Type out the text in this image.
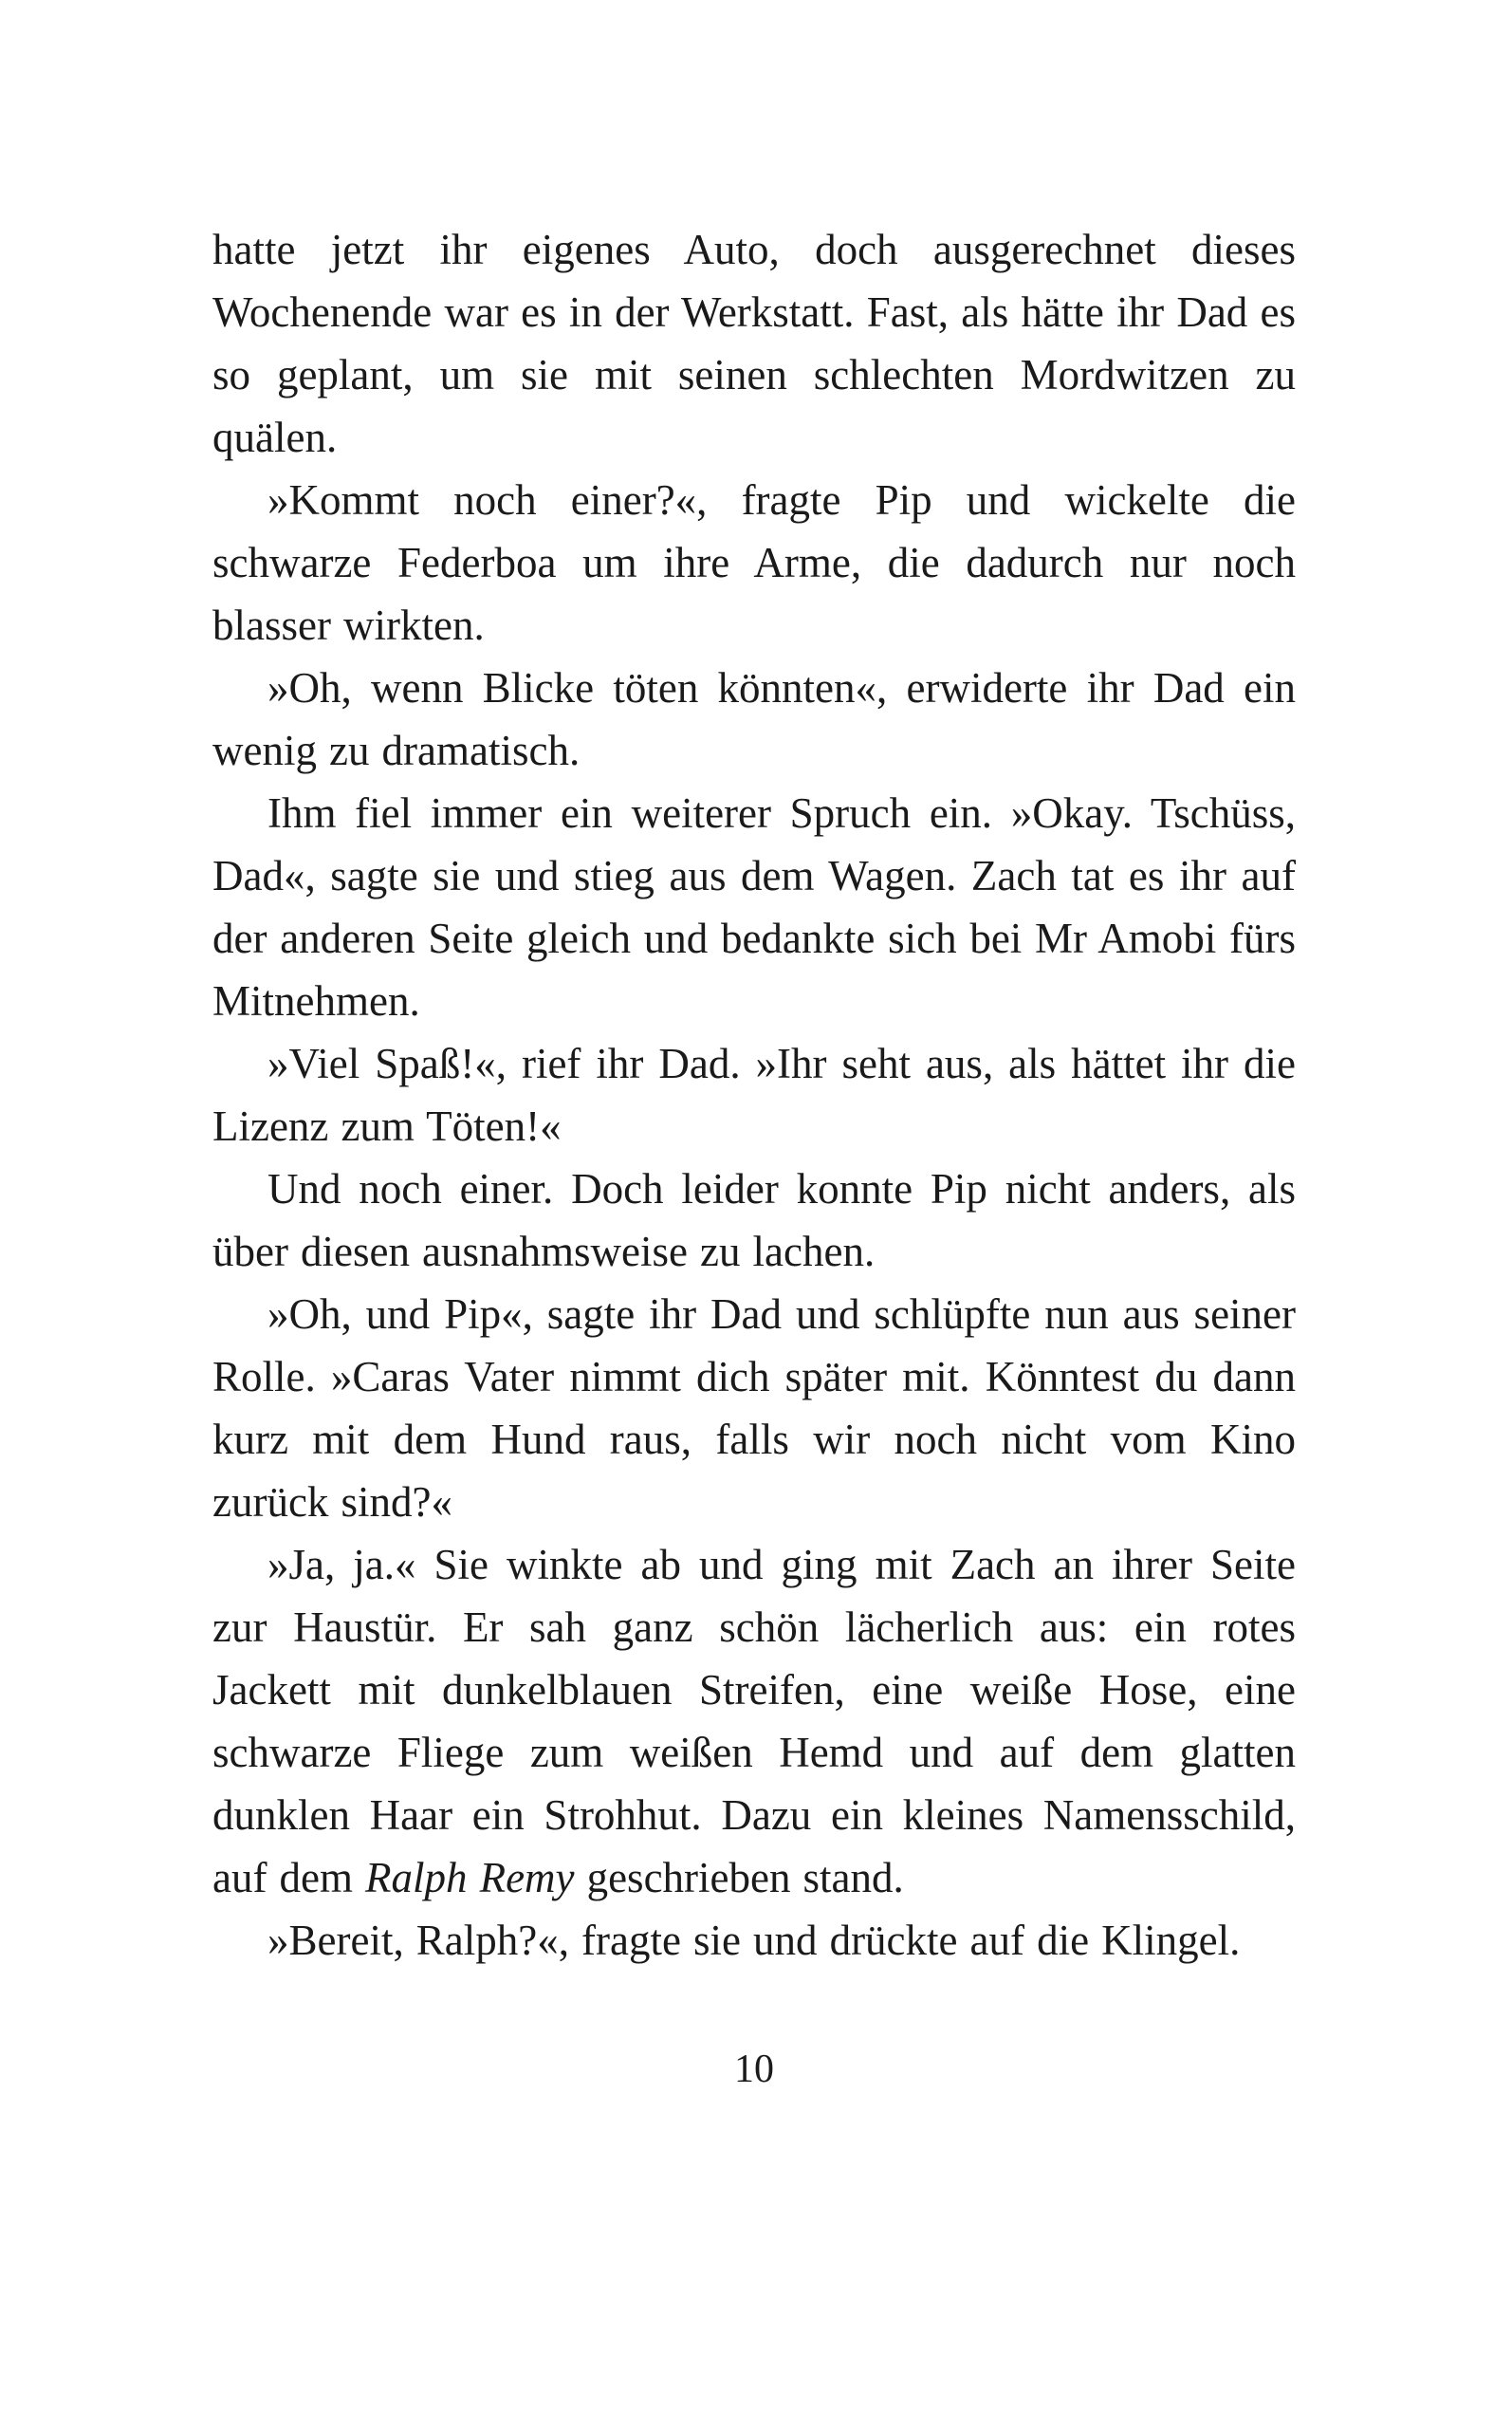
hatte jetzt ihr eigenes Auto, doch ausgerechnet dieses Wochenende war es in der Werkstatt. Fast, als hätte ihr Dad es so geplant, um sie mit seinen schlechten Mordwitzen zu quälen.

»Kommt noch einer?«, fragte Pip und wickelte die schwarze Federboa um ihre Arme, die dadurch nur noch blasser wirkten.

»Oh, wenn Blicke töten könnten«, erwiderte ihr Dad ein wenig zu dramatisch.

Ihm fiel immer ein weiterer Spruch ein. »Okay. Tschüss, Dad«, sagte sie und stieg aus dem Wagen. Zach tat es ihr auf der anderen Seite gleich und bedankte sich bei Mr Amobi fürs Mitnehmen.

»Viel Spaß!«, rief ihr Dad. »Ihr seht aus, als hättet ihr die Lizenz zum Töten!«

Und noch einer. Doch leider konnte Pip nicht anders, als über diesen ausnahmsweise zu lachen.

»Oh, und Pip«, sagte ihr Dad und schlüpfte nun aus seiner Rolle. »Caras Vater nimmt dich später mit. Könntest du dann kurz mit dem Hund raus, falls wir noch nicht vom Kino zurück sind?«

»Ja, ja.« Sie winkte ab und ging mit Zach an ihrer Seite zur Haustür. Er sah ganz schön lächerlich aus: ein rotes Jackett mit dunkelblauen Streifen, eine weiße Hose, eine schwarze Fliege zum weißen Hemd und auf dem glatten dunklen Haar ein Strohhut. Dazu ein kleines Namensschild, auf dem Ralph Remy geschrieben stand.

»Bereit, Ralph?«, fragte sie und drückte auf die Klingel.

10
